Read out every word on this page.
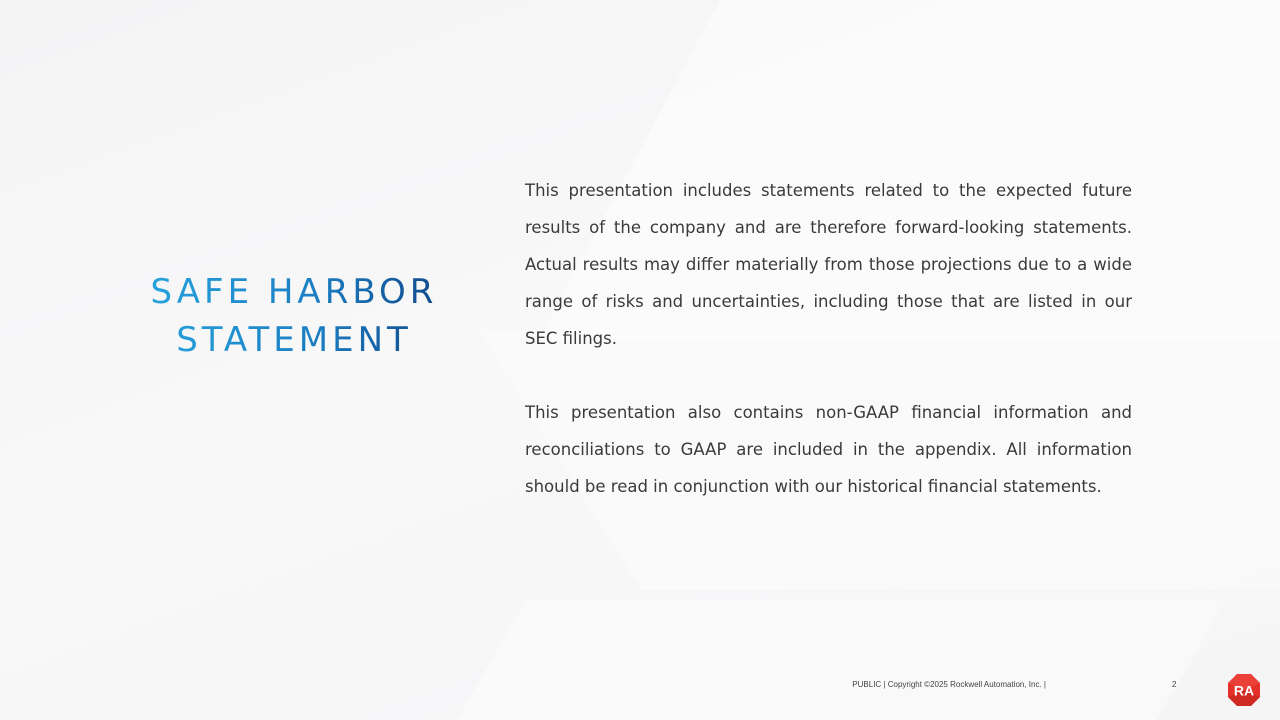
SAFE HARBOR
STATEMENT

This presentation includes statements related to the expected future results of the company and are therefore forward-looking statements. Actual results may differ materially from those projections due to a wide range of risks and uncertainties, including those that are listed in our SEC filings.

This presentation also contains non-GAAP financial information and reconciliations to GAAP are included in the appendix. All information should be read in conjunction with our historical financial statements.

PUBLIC | Copyright ©2025 Rockwell Automation, Inc. |	2	RA
